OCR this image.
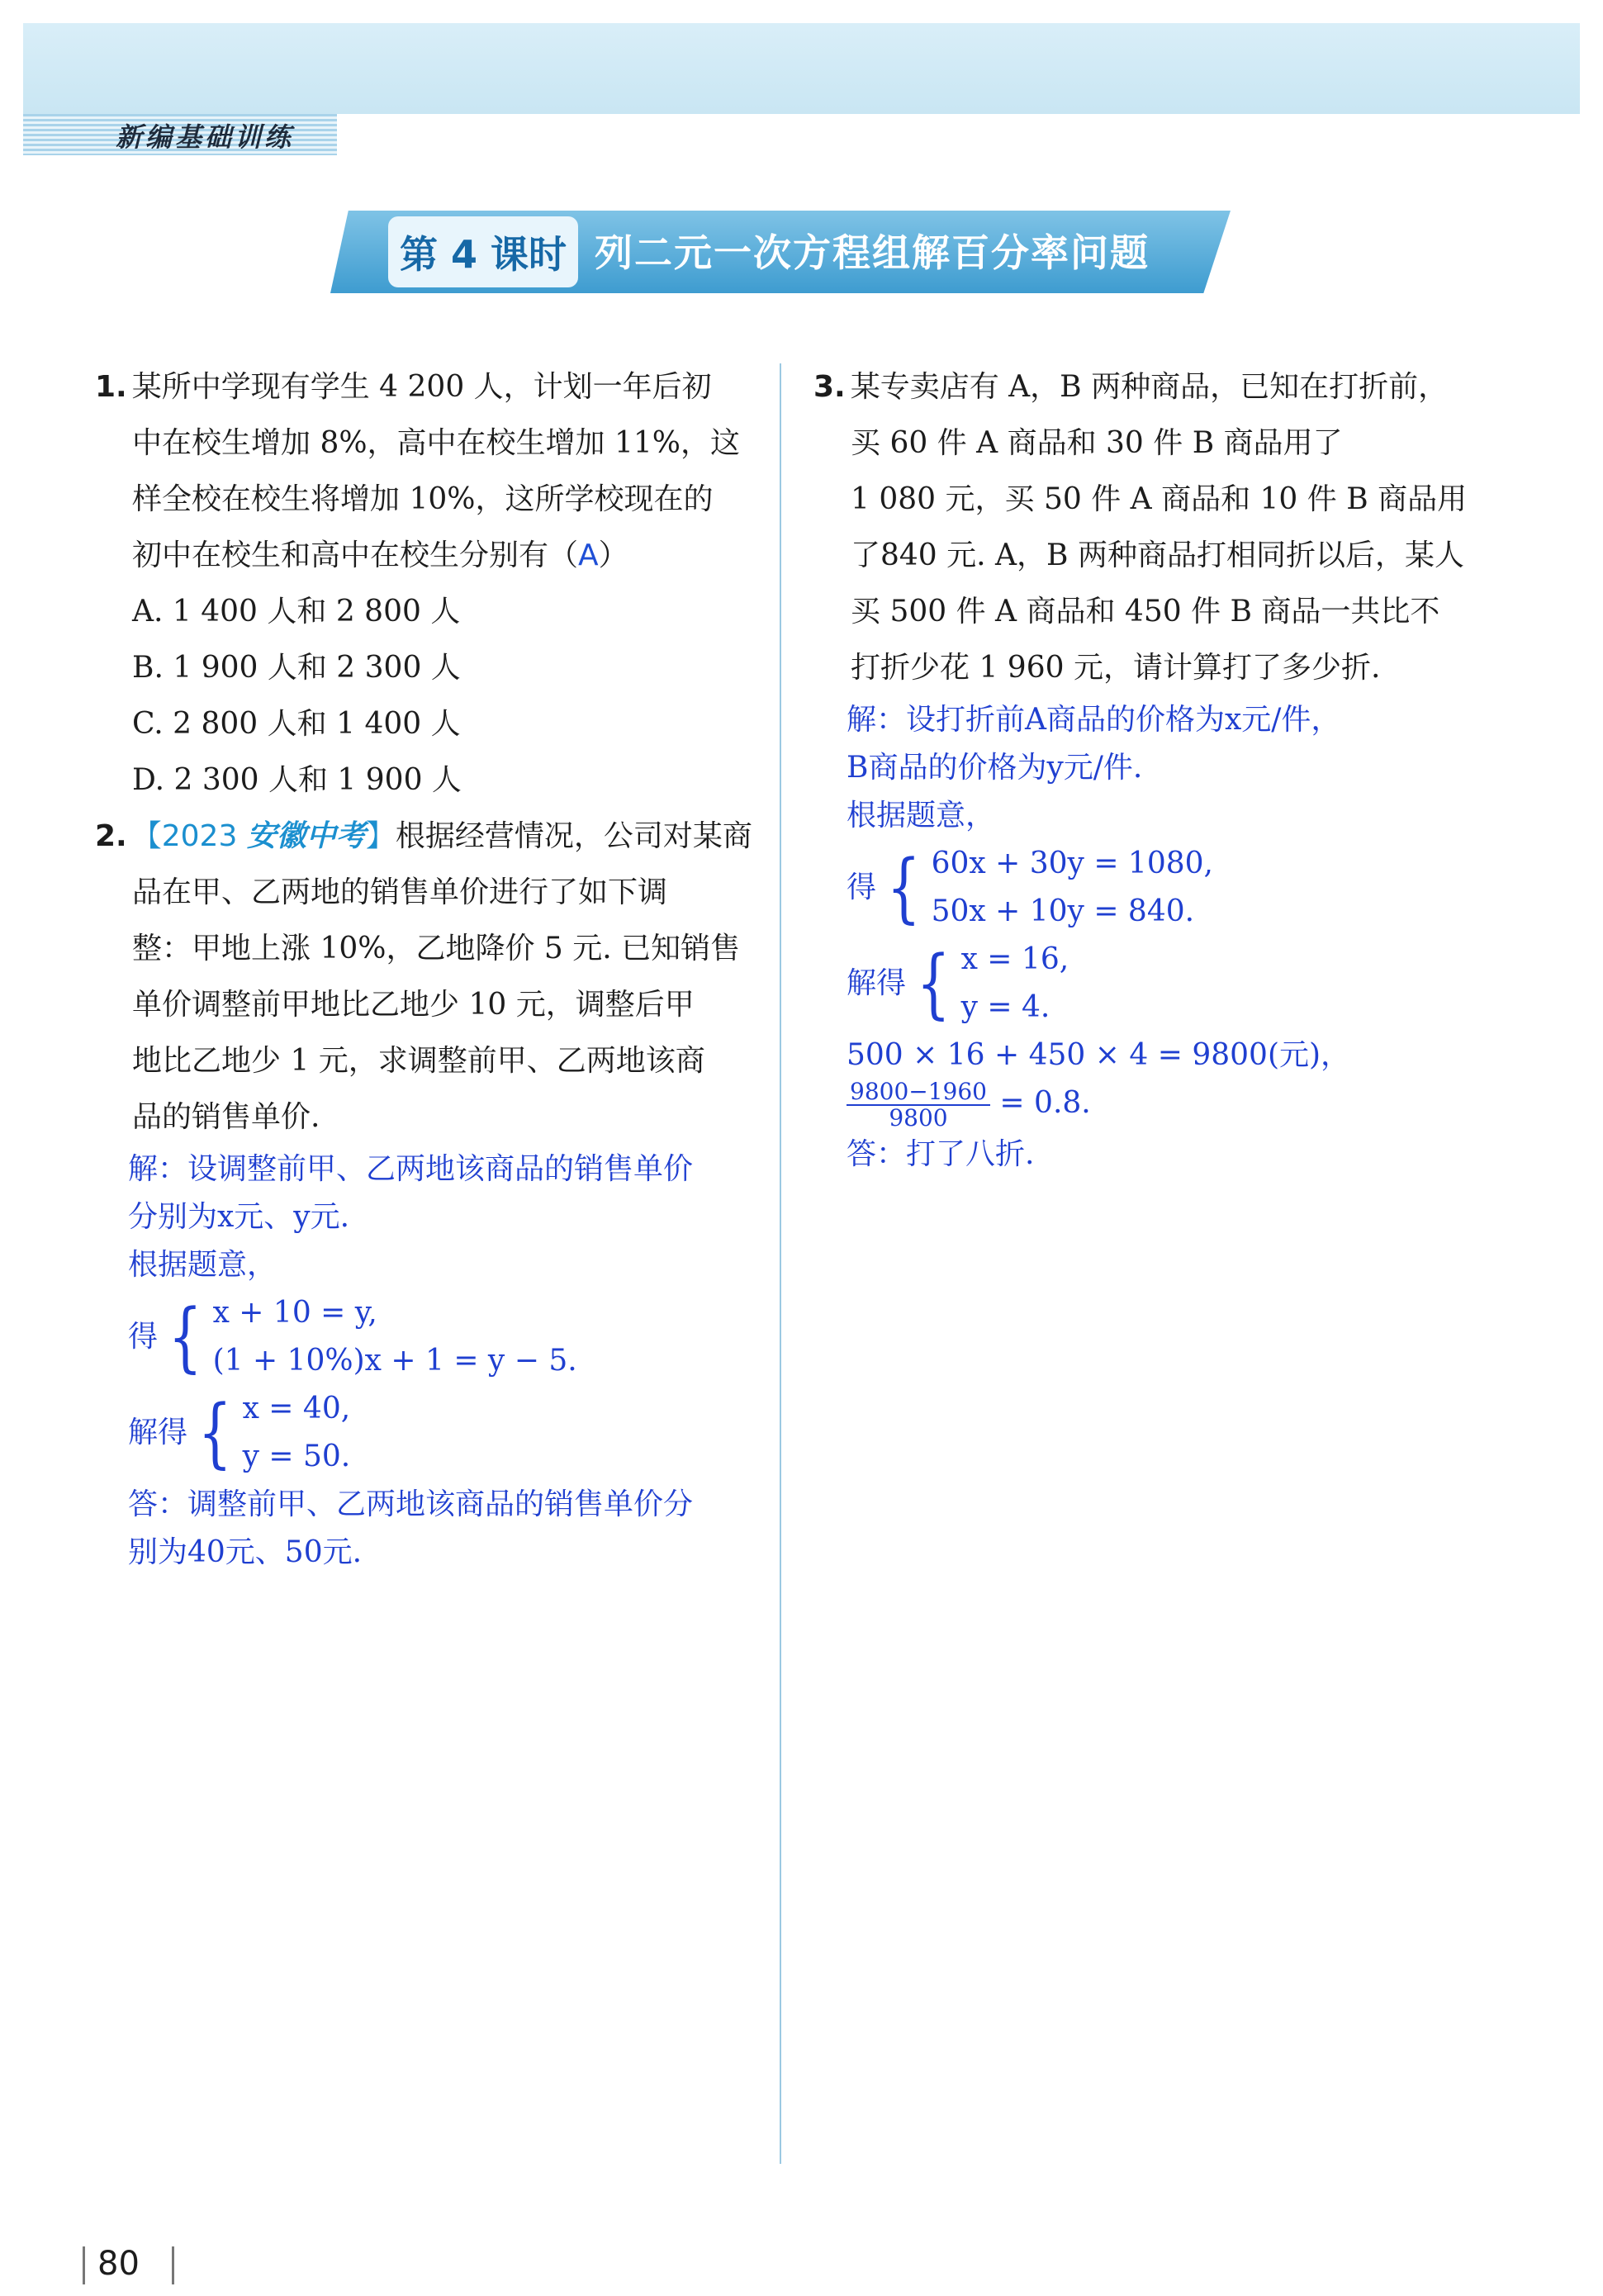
新编基础训练
第 4 课时 列二元一次方程组解百分率问题
1. 某所中学现有学生 4 200 人，计划一年后初
中在校生增加 8%，高中在校生增加 11%，这
样全校在校生将增加 10%，这所学校现在的
初中在校生和高中在校生分别有（A）
A. 1 400 人和 2 800 人
B. 1 900 人和 2 300 人
C. 2 800 人和 1 400 人
D. 2 300 人和 1 900 人
2. 【2023 安徽中考】根据经营情况，公司对某商
品在甲、乙两地的销售单价进行了如下调
整：甲地上涨 10%，乙地降价 5 元. 已知销售
单价调整前甲地比乙地少 10 元，调整后甲
地比乙地少 1 元，求调整前甲、乙两地该商
品的销售单价.
解：设调整前甲、乙两地该商品的销售单价
分别为x元、y元.
根据题意，
得 { x + 10 = y,
(1 + 10%)x + 1 = y − 5.
解得 { x = 40,
y = 50.
答：调整前甲、乙两地该商品的销售单价分
别为40元、50元.
3. 某专卖店有 A，B 两种商品，已知在打折前，
买 60 件 A 商品和 30 件 B 商品用了
1 080 元，买 50 件 A 商品和 10 件 B 商品用
了840 元. A，B 两种商品打相同折以后，某人
买 500 件 A 商品和 450 件 B 商品一共比不
打折少花 1 960 元，请计算打了多少折.
解：设打折前A商品的价格为x元/件，
B商品的价格为y元/件.
根据题意，
得 { 60x + 30y = 1080,
50x + 10y = 840.
解得 { x = 16,
y = 4.
500 × 16 + 450 × 4 = 9800(元)，
$\frac{9800-1960}{9800} = 0.8$.
答：打了八折.
80
